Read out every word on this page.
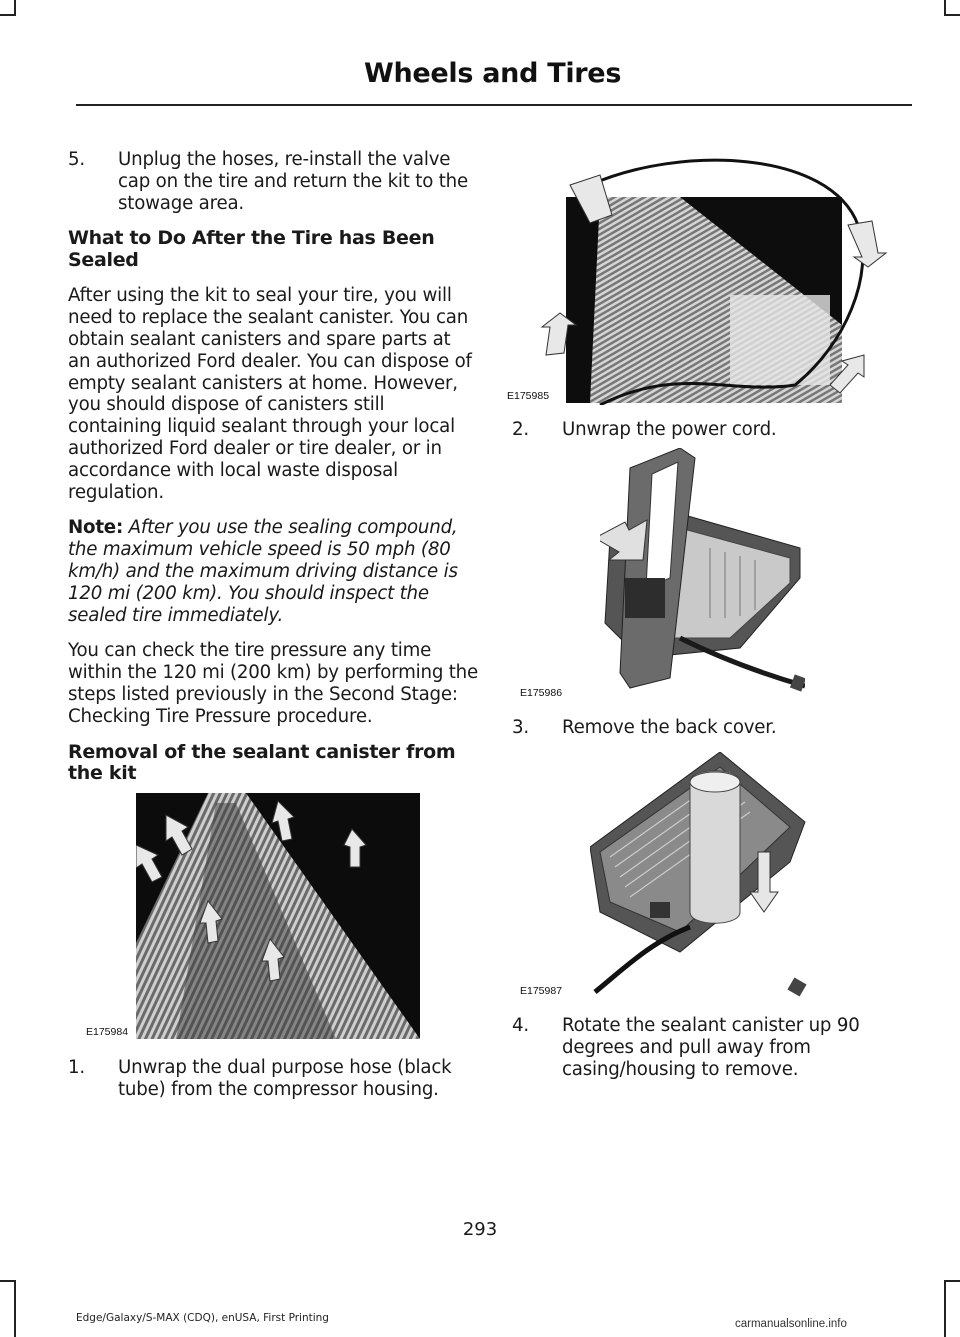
Wheels and Tires
5.	Unplug the hoses, re-install the valve cap on the tire and return the kit to the stowage area.
What to Do After the Tire has Been Sealed

After using the kit to seal your tire, you will need to replace the sealant canister. You can obtain sealant canisters and spare parts at an authorized Ford dealer. You can dispose of empty sealant canisters at home. However, you should dispose of canisters still containing liquid sealant through your local authorized Ford dealer or tire dealer, or in accordance with local waste disposal regulation.

Note: After you use the sealing compound, the maximum vehicle speed is 50 mph (80 km/h) and the maximum driving distance is 120 mi (200 km). You should inspect the sealed tire immediately.

You can check the tire pressure any time within the 120 mi (200 km) by performing the steps listed previously in the Second Stage: Checking Tire Pressure procedure.

Removal of the sealant canister from the kit
E175984
1.	Unwrap the dual purpose hose (black tube) from the compressor housing.
E175985
2.	Unwrap the power cord.
E175986
3.	Remove the back cover.
E175987
4.	Rotate the sealant canister up 90 degrees and pull away from casing/housing to remove.
293
Edge/Galaxy/S-MAX (CDQ), enUSA, First Printing	carmanualsonline.info
